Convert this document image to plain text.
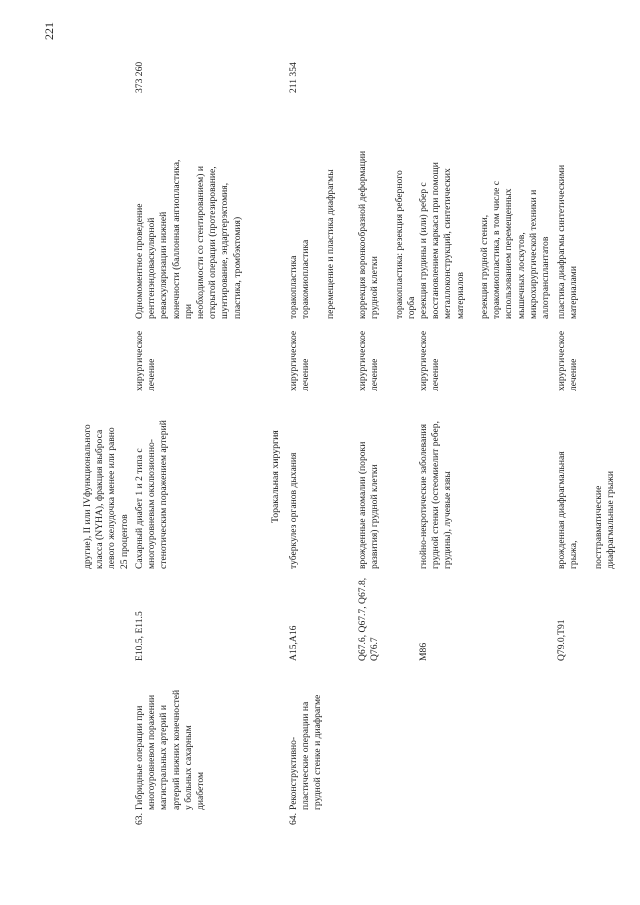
221
другие), II или IVфункционального класса (NYHA), фракция выброса левого желудочка менее или равно 25 процентов
63.
Гибридные операции при многоуровневом поражении магистральных артерий и артерий нижних конечностей у больных сахарным диабетом
E10.5, E11.5
Сахарный диабет 1 и 2 типа с многоуровневым окклюзионно- стенотическим поражением артерий
хирургическое лечение
Одномоментное проведение рентгенэндоваскулярной реваскуляризации нижней конечности (баллонная ангиопластика, при необходимости со стентированием) и открытой операции (протезирование, шунтирование, эндартерэктомия, пластика, тромбэктомия)
373 260
Торакальная хирургия
64.
Реконструктивно- пластические операции на грудной стенке и диафрагме
211 354
A15,A16
туберкулез органов дыхания
хирургическое лечение
торакопластика торакомиопластика
перемещение и пластика диафрагмы
Q67.6, Q67.7, Q67.8, Q76.7
врожденные аномалии (пороки развития) грудной клетки
хирургическое лечение
коррекция воронкообразной деформации грудной клетки
торакопластика: резекция реберного горба
M86
гнойно-некротические заболевания грудной стенки (остеомиелит ребер, грудины), лучевые язвы
хирургическое лечение
резекция грудины и (или) ребер с восстановлением каркаса при помощи металлоконструкций, синтетических материалов
резекция грудной стенки, торакомиопластика, в том числе с использованием перемещенных мышечных лоскутов, микрохирургической техники и аллотрансплантатов
Q79.0,T91
врожденная диафрагмальная грыжа,
посттравматические диафрагмальные грыжи
хирургическое лечение
пластика диафрагмы синтетическими материалами
